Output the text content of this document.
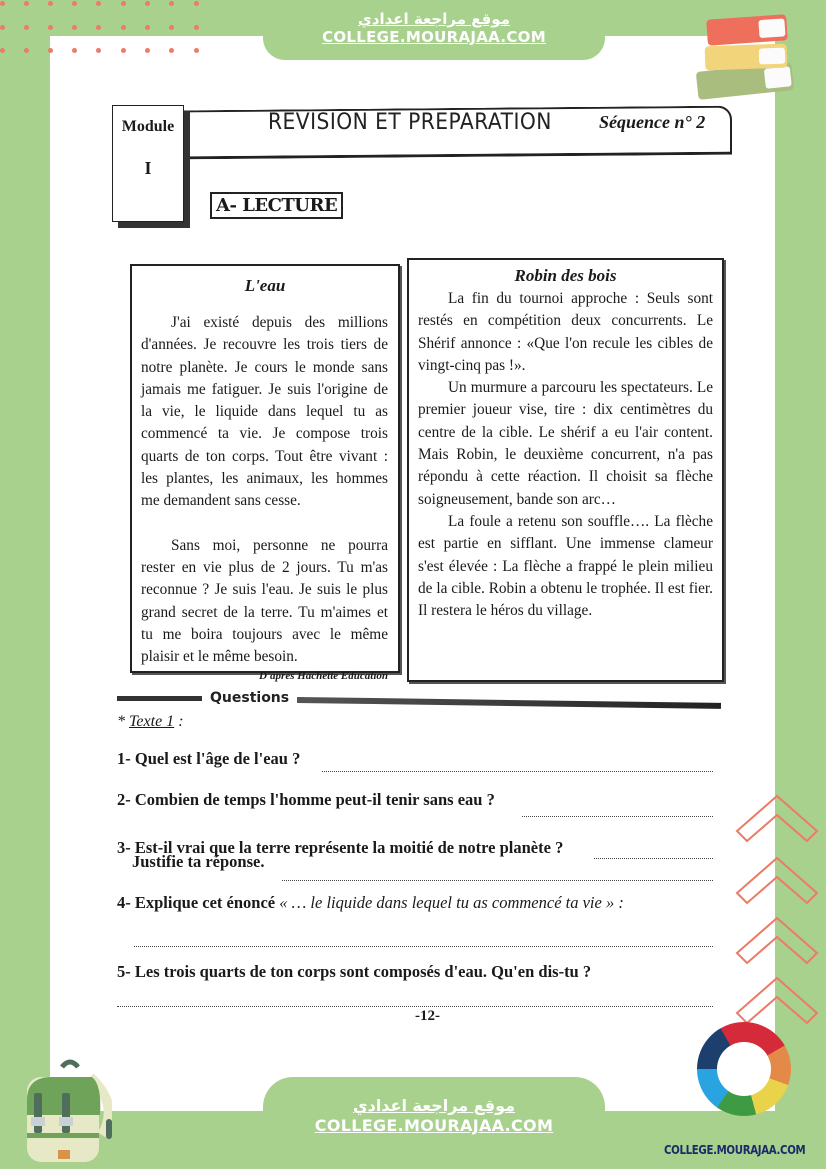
موقع مراجعة اعدادي
COLLEGE.MOURAJAA.COM
REVISION ET PREPARATION	Séquence n° 2
Module
I
A- LECTURE
L'eau

J'ai existé depuis des millions d'années. Je recouvre les trois tiers de notre planète. Je cours le monde sans jamais me fatiguer. Je suis l'origine de la vie, le liquide dans lequel tu as commencé ta vie. Je compose trois quarts de ton corps. Tout être vivant : les plantes, les animaux, les hommes me demandent sans cesse.

Sans moi, personne ne pourra rester en vie plus de 2 jours. Tu m'as reconnue ? Je suis l'eau. Je suis le plus grand secret de la terre. Tu m'aimes et tu me boira toujours avec le même plaisir et le même besoin.

D'après Hachette Education
Robin des bois

La fin du tournoi approche : Seuls sont restés en compétition deux concurrents. Le Shérif annonce : «Que l'on recule les cibles de vingt-cinq pas !».

Un murmure a parcouru les spectateurs. Le premier joueur vise, tire : dix centimètres du centre de la cible. Le shérif a eu l'air content. Mais Robin, le deuxième concurrent, n'a pas répondu à cette réaction. Il choisit sa flèche soigneusement, bande son arc…

La foule a retenu son souffle…. La flèche est partie en sifflant. Une immense clameur s'est élevée : La flèche a frappé le plein milieu de la cible. Robin a obtenu le trophée. Il est fier. Il restera le héros du village.

Questions
* Texte 1 :
1- Quel est l'âge de l'eau ?
2- Combien de temps l'homme peut-il tenir sans eau ?
3- Est-il vrai que la terre représente la moitié de notre planète ?
Justifie ta réponse.
4- Explique cet énoncé « … le liquide dans lequel tu as commencé ta vie » :
5- Les trois quarts de ton corps sont composés d'eau. Qu'en dis-tu ?
-12-
موقع مراجعة اعدادي
COLLEGE.MOURAJAA.COM
COLLEGE.MOURAJAA.COM
